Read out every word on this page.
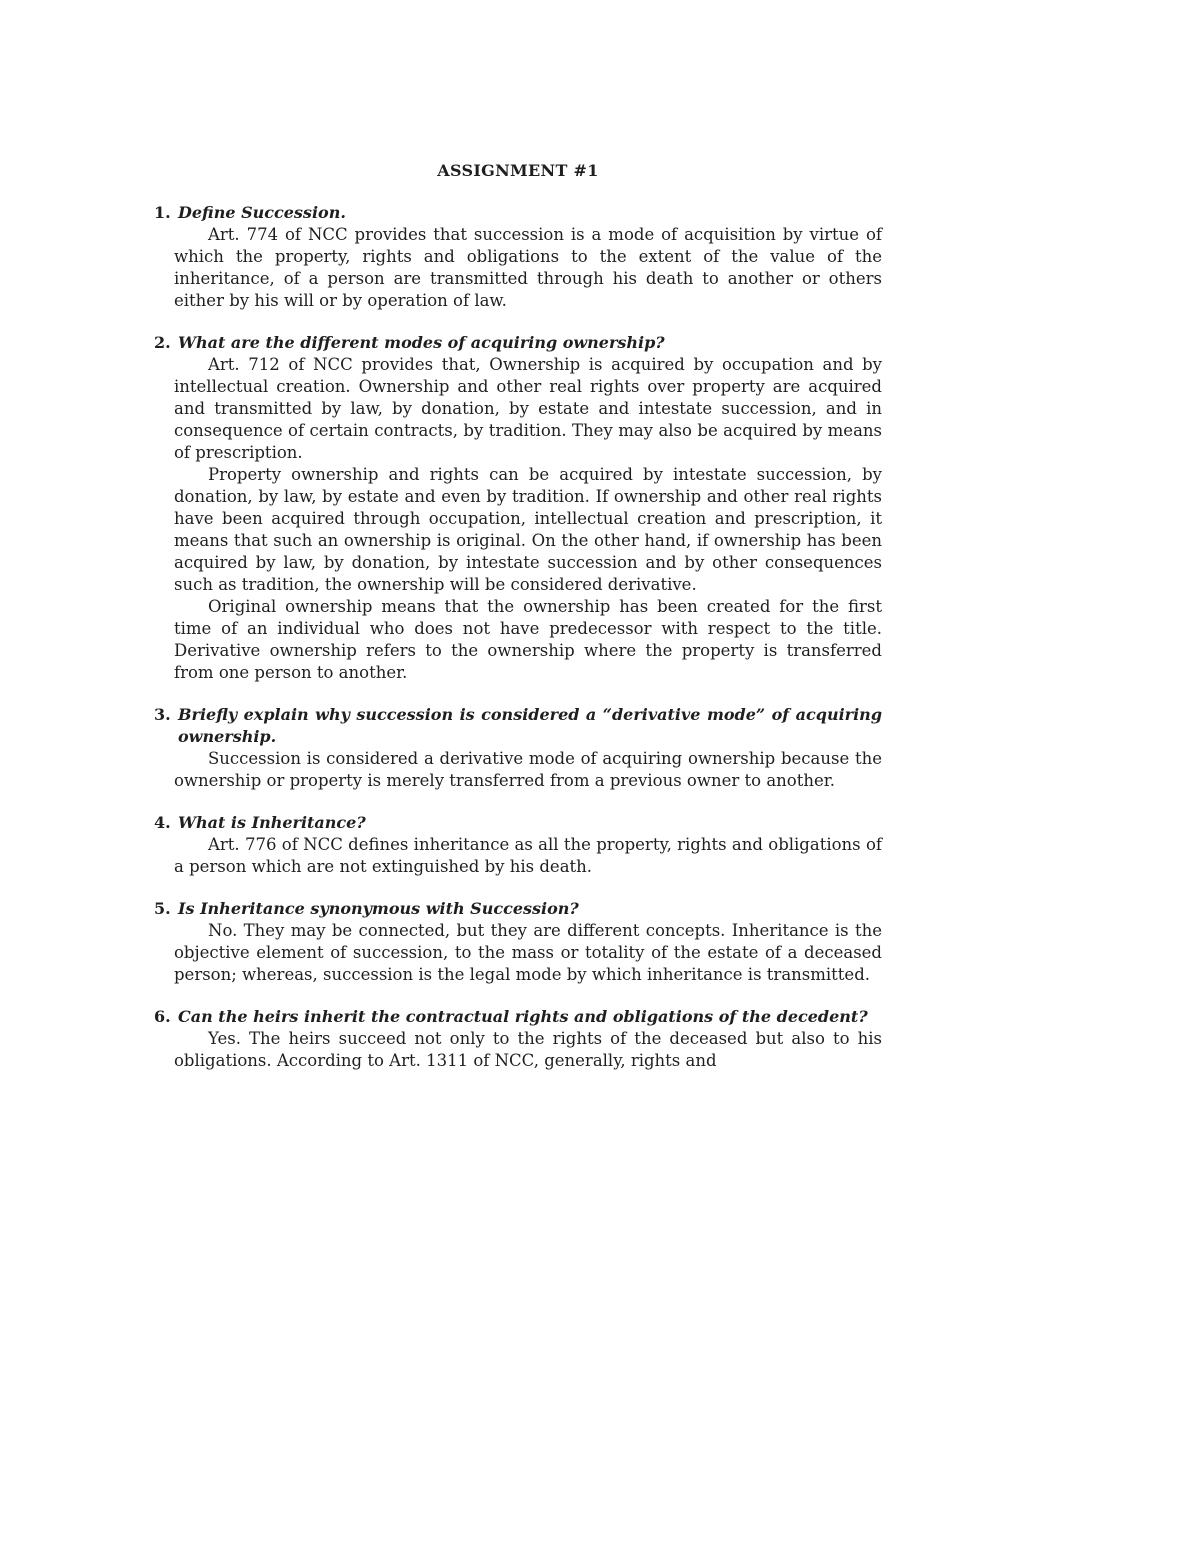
ASSIGNMENT #1
1. Define Succession.

Art. 774 of NCC provides that succession is a mode of acquisition by virtue of which the property, rights and obligations to the extent of the value of the inheritance, of a person are transmitted through his death to another or others either by his will or by operation of law.

2. What are the different modes of acquiring ownership?

Art. 712 of NCC provides that, Ownership is acquired by occupation and by intellectual creation. Ownership and other real rights over property are acquired and transmitted by law, by donation, by estate and intestate succession, and in consequence of certain contracts, by tradition. They may also be acquired by means of prescription.

Property ownership and rights can be acquired by intestate succession, by donation, by law, by estate and even by tradition. If ownership and other real rights have been acquired through occupation, intellectual creation and prescription, it means that such an ownership is original. On the other hand, if ownership has been acquired by law, by donation, by intestate succession and by other consequences such as tradition, the ownership will be considered derivative.

Original ownership means that the ownership has been created for the first time of an individual who does not have predecessor with respect to the title. Derivative ownership refers to the ownership where the property is transferred from one person to another.

3. Briefly explain why succession is considered a “derivative mode” of acquiring ownership.

Succession is considered a derivative mode of acquiring ownership because the ownership or property is merely transferred from a previous owner to another.

4. What is Inheritance?

Art. 776 of NCC defines inheritance as all the property, rights and obligations of a person which are not extinguished by his death.

5. Is Inheritance synonymous with Succession?

No. They may be connected, but they are different concepts. Inheritance is the objective element of succession, to the mass or totality of the estate of a deceased person; whereas, succession is the legal mode by which inheritance is transmitted.

6. Can the heirs inherit the contractual rights and obligations of the decedent?

Yes. The heirs succeed not only to the rights of the deceased but also to his obligations. According to Art. 1311 of NCC, generally, rights and
